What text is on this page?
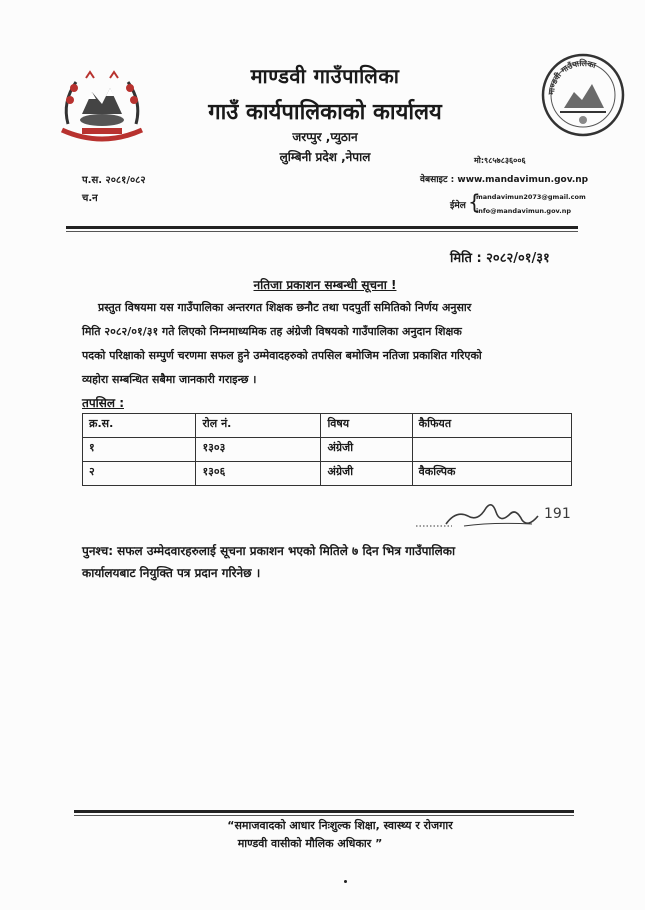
माण्डवी गाउँपालिका
गाउँ कार्यपालिकाको कार्यालय
जरप्पुर ,प्युठान
लुम्बिनी प्रदेश ,नेपाल
माण्डवी गाउँपालिका
प.स. २०८१/०८२
च.न
मो:९८५७८३६००६
वेबसाइट : www.mandavimun.gov.np
ईमेल {
mandavimun2073@gmail.com
info@mandavimun.gov.np
मिति : २०८२/०१/३१
नतिजा प्रकाशन सम्बन्धी सूचना !
प्रस्तुत विषयमा यस गाउँपालिका अन्तरगत शिक्षक छनौट तथा पदपुर्ती समितिको निर्णय अनुसार
मिति २०८२/०१/३१ गते लिएको निम्नमाध्यमिक तह अंग्रेजी विषयको गाउँपालिका अनुदान शिक्षक
पदको परिक्षाको सम्पुर्ण चरणमा सफल हुने उम्मेवादहरुको तपसिल बमोजिम नतिजा प्रकाशित गरिएको
व्यहोरा सम्बन्धित सबैमा जानकारी गराइन्छ ।
तपसिल :
क्र.स.	रोल नं.	विषय	कैफियत
१	१३०३	अंग्रेजी	
२	१३०६	अंग्रेजी	वैकल्पिक
191
पुनश्च: सफल उम्मेदवारहरुलाई सूचना प्रकाशन भएको मितिले ७ दिन भित्र गाउँपालिका
कार्यालयबाट नियुक्ति पत्र प्रदान गरिनेछ ।
“समाजवादको आधार निःशुल्क शिक्षा, स्वास्थ्य र रोजगार
माण्डवी वासीको मौलिक अधिकार ”
